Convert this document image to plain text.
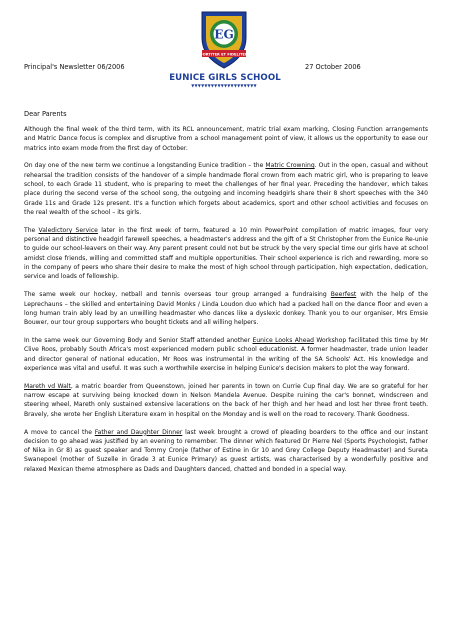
EG
FORTITER ET FIDELITER
EUNICE GIRLS SCHOOL
▼▼▼▼▼▼▼▼▼▼▼▼▼▼▼▼▼▼▼▼
Principal's Newsletter 06/2006	27 October 2006
Dear Parents

Although the final week of the third term, with its RCL announcement, matric trial exam marking, Closing Function arrangements and Matric Dance focus is complex and disruptive from a school management point of view, it allows us the opportunity to ease our matrics into exam mode from the first day of October.

On day one of the new term we continue a longstanding Eunice tradition – the Matric Crowning. Out in the open, casual and without rehearsal the tradition consists of the handover of a simple handmade floral crown from each matric girl, who is preparing to leave school, to each Grade 11 student, who is preparing to meet the challenges of her final year. Preceding the handover, which takes place during the second verse of the school song, the outgoing and incoming headgirls share their 8 short speeches with the 340 Grade 11s and Grade 12s present. It's a function which forgets about academics, sport and other school activities and focuses on the real wealth of the school – its girls.

The Valedictory Service later in the first week of term, featured a 10 min PowerPoint compilation of matric images, four very personal and distinctive headgirl farewell speeches, a headmaster's address and the gift of a St Christopher from the Eunice Re-unie to guide our school-leavers on their way. Any parent present could not but be struck by the very special time our girls have at school amidst close friends, willing and committed staff and multiple opportunities. Their school experience is rich and rewarding, more so in the company of peers who share their desire to make the most of high school through participation, high expectation, dedication, service and loads of fellowship.

The same week our hockey, netball and tennis overseas tour group arranged a fundraising Beerfest with the help of the Leprechauns – the skilled and entertaining David Monks / Linda Loudon duo which had a packed hall on the dance floor and even a long human train ably lead by an unwilling headmaster who dances like a dyslexic donkey. Thank you to our organiser, Mrs Emsie Bouwer, our tour group supporters who bought tickets and all willing helpers.

In the same week our Governing Body and Senior Staff attended another Eunice Looks Ahead Workshop facilitated this time by Mr Clive Roos, probably South Africa's most experienced modern public school educationist. A former headmaster, trade union leader and director general of national education, Mr Roos was instrumental in the writing of the SA Schools' Act. His knowledge and experience was vital and useful. It was such a worthwhile exercise in helping Eunice's decision makers to plot the way forward.

Mareth vd Walt, a matric boarder from Queenstown, joined her parents in town on Currie Cup final day. We are so grateful for her narrow escape at surviving being knocked down in Nelson Mandela Avenue. Despite ruining the car's bonnet, windscreen and steering wheel, Mareth only sustained extensive lacerations on the back of her thigh and her head and lost her three front teeth. Bravely, she wrote her English Literature exam in hospital on the Monday and is well on the road to recovery. Thank Goodness.

A move to cancel the Father and Daughter Dinner last week brought a crowd of pleading boarders to the office and our instant decision to go ahead was justified by an evening to remember. The dinner which featured Dr Pierre Nel (Sports Psychologist, father of Nika in Gr 8) as guest speaker and Tommy Cronje (father of Estine in Gr 10 and Grey College Deputy Headmaster) and Sureta Swanepoel (mother of Suzelle in Grade 3 at Eunice Primary) as guest artists, was characterised by a wonderfully positive and relaxed Mexican theme atmosphere as Dads and Daughters danced, chatted and bonded in a special way.
